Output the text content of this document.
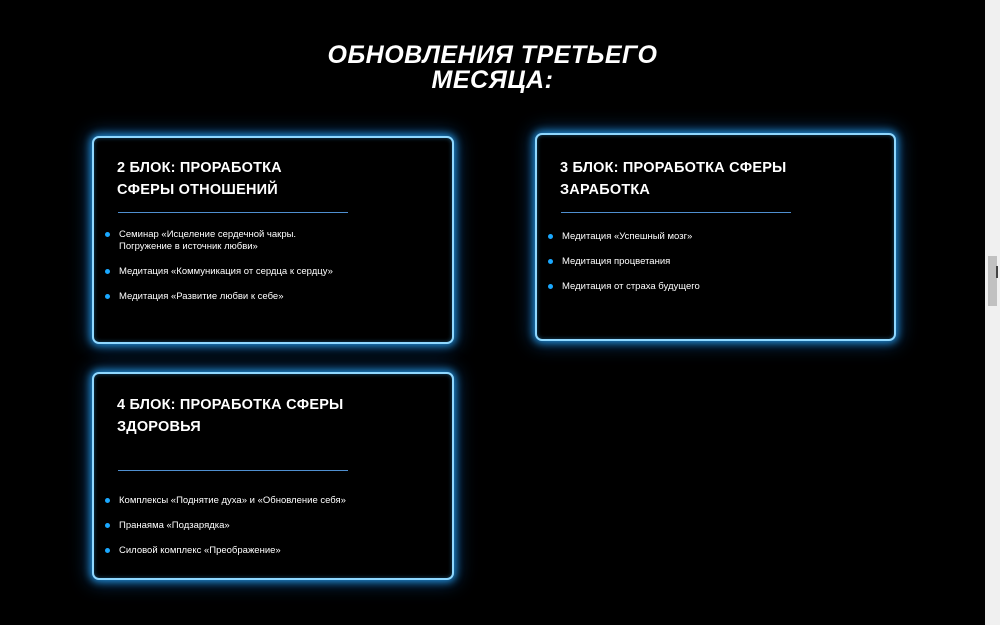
ОБНОВЛЕНИЯ ТРЕТЬЕГО
МЕСЯЦА:
2 БЛОК: ПРОРАБОТКА
СФЕРЫ ОТНОШЕНИЙ
Семинар «Исцеление сердечной чакры.
Погружение в источник любви»
Медитация «Коммуникация от сердца к сердцу»
Медитация «Развитие любви к себе»
3 БЛОК: ПРОРАБОТКА СФЕРЫ
ЗАРАБОТКА
Медитация «Успешный мозг»
Медитация процветания
Медитация от страха будущего
4 БЛОК: ПРОРАБОТКА СФЕРЫ
ЗДОРОВЬЯ
Комплексы «Поднятие духа» и «Обновление себя»
Пранаяма «Подзарядка»
Силовой комплекс «Преображение»
